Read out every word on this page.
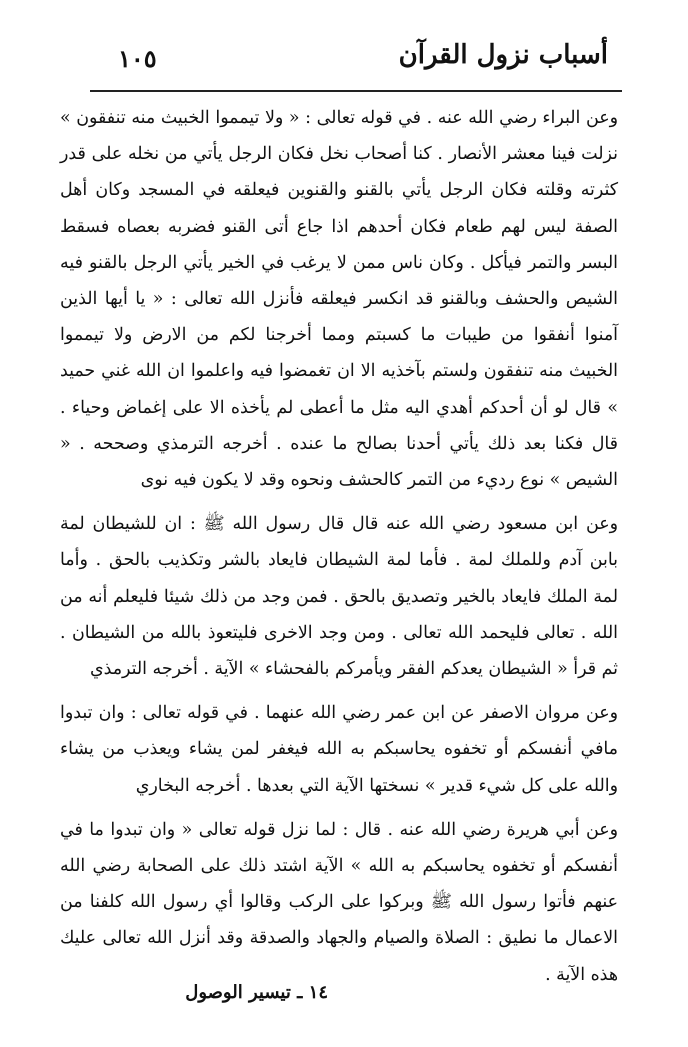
أسباب نزول القرآن
١٠٥

وعن البراء رضي الله عنه . في قوله تعالى : « ولا تيمموا الخبيث منه تنفقون » نزلت فينا معشر الأنصار . كنا أصحاب نخل فكان الرجل يأتي من نخله على قدر كثرته وقلته فكان الرجل يأتي بالقنو والقنوين فيعلقه في المسجد وكان أهل الصفة ليس لهم طعام فكان أحدهم اذا جاع أتى القنو فضربه بعصاه فسقط البسر والتمر فيأكل . وكان ناس ممن لا يرغب في الخير يأتي الرجل بالقنو فيه الشيص والحشف وبالقنو قد انكسر فيعلقه فأنزل الله تعالى : « يا أيها الذين آمنوا أنفقوا من طيبات ما كسبتم ومما أخرجنا لكم من الارض ولا تيمموا الخبيث منه تنفقون ولستم بآخذيه الا ان تغمضوا فيه واعلموا ان الله غني حميد » قال لو أن أحدكم أهدي اليه مثل ما أعطى لم يأخذه الا على إغماض وحياء . قال فكنا بعد ذلك يأتي أحدنا بصالح ما عنده . أخرجه الترمذي وصححه . « الشيص » نوع رديء من التمر كالحشف ونحوه وقد لا يكون فيه نوى

وعن ابن مسعود رضي الله عنه قال قال رسول الله ﷺ : ان للشيطان لمة بابن آدم وللملك لمة . فأما لمة الشيطان فايعاد بالشر وتكذيب بالحق . وأما لمة الملك فايعاد بالخير وتصديق بالحق . فمن وجد من ذلك شيئا فليعلم أنه من الله . تعالى فليحمد الله تعالى . ومن وجد الاخرى فليتعوذ بالله من الشيطان . ثم قرأ « الشيطان يعدكم الفقر ويأمركم بالفحشاء » الآية . أخرجه الترمذي

وعن مروان الاصفر عن ابن عمر رضي الله عنهما . في قوله تعالى : وان تبدوا مافي أنفسكم أو تخفوه يحاسبكم به الله فيغفر لمن يشاء ويعذب من يشاء والله على كل شيء قدير » نسختها الآية التي بعدها . أخرجه البخاري

وعن أبي هريرة رضي الله عنه . قال : لما نزل قوله تعالى « وان تبدوا ما في أنفسكم أو تخفوه يحاسبكم به الله » الآية اشتد ذلك على الصحابة رضي الله عنهم فأتوا رسول الله ﷺ وبركوا على الركب وقالوا أي رسول الله كلفنا من الاعمال ما نطيق : الصلاة والصيام والجهاد والصدقة وقد أنزل الله تعالى عليك هذه الآية .

١٤ ـ تيسير الوصول
